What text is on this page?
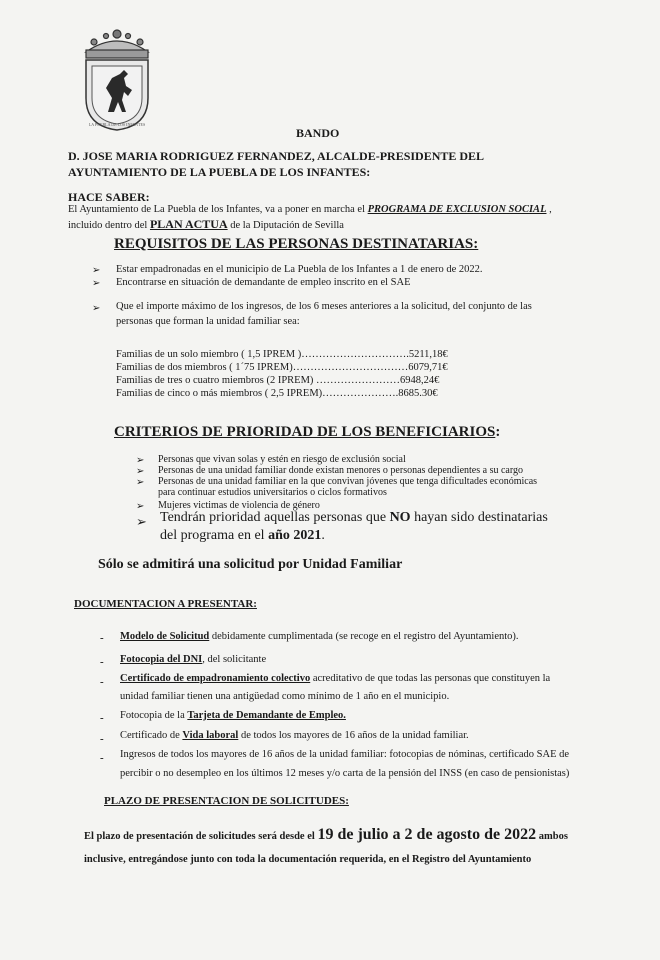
LA PUEBLA DE LOS INFANTES
BANDO
D. JOSE MARIA RODRIGUEZ FERNANDEZ, ALCALDE-PRESIDENTE DEL AYUNTAMIENTO DE LA PUEBLA DE LOS INFANTES:
HACE SABER:
El Ayuntamiento de La Puebla de los Infantes, va a poner en marcha el PROGRAMA DE EXCLUSION SOCIAL ,
incluido dentro del PLAN ACTUA de la Diputación de Sevilla
REQUISITOS DE LAS PERSONAS DESTINATARIAS:
➢ Estar empadronadas en el municipio de La Puebla de los Infantes a 1 de enero de 2022.
➢ Encontrarse en situación de demandante de empleo inscrito en el SAE
➢ Que el importe máximo de los ingresos, de los 6 meses anteriores a la solicitud, del conjunto de las
personas que forman la unidad familiar sea:
Familias de un solo miembro ( 1,5 IPREM )………………………….5211,18€
Familias de dos miembros ( 1´75 IPREM)……………………………6079,71€
Familias de tres o cuatro miembros (2 IPREM) ……………………6948,24€
Familias de cinco o más miembros ( 2,5 IPREM)………………….8685.30€
CRITERIOS DE PRIORIDAD DE LOS BENEFICIARIOS:
➢ Personas que vivan solas y estén en riesgo de exclusión social
➢ Personas de una unidad familiar donde existan menores o personas dependientes a su cargo
➢ Personas de una unidad familiar en la que convivan jóvenes que tenga dificultades económicas
para continuar estudios universitarios o ciclos formativos
➢ Mujeres victimas de violencia de género
➢ Tendrán prioridad aquellas personas que NO hayan sido destinatarias
del programa en el año 2021.
Sólo se admitirá una solicitud por Unidad Familiar
DOCUMENTACION A PRESENTAR:
- Modelo de Solicitud debidamente cumplimentada (se recoge en el registro del Ayuntamiento).
- Fotocopia del DNI, del solicitante
- Certificado de empadronamiento colectivo acreditativo de que todas las personas que constituyen la
unidad familiar tienen una antigüedad como mínimo de 1 año en el municipio.
- Fotocopia de la Tarjeta de Demandante de Empleo.
- Certificado de Vida laboral de todos los mayores de 16 años de la unidad familiar.
- Ingresos de todos los mayores de 16 años de la unidad familiar: fotocopias de nóminas, certificado SAE de
percibir o no desempleo en los últimos 12 meses y/o carta de la pensión del INSS (en caso de pensionistas)
PLAZO DE PRESENTACION DE SOLICITUDES:
El plazo de presentación de solicitudes será desde el 19 de julio a 2 de agosto de 2022 ambos
inclusive, entregándose junto con toda la documentación requerida, en el Registro del Ayuntamiento
